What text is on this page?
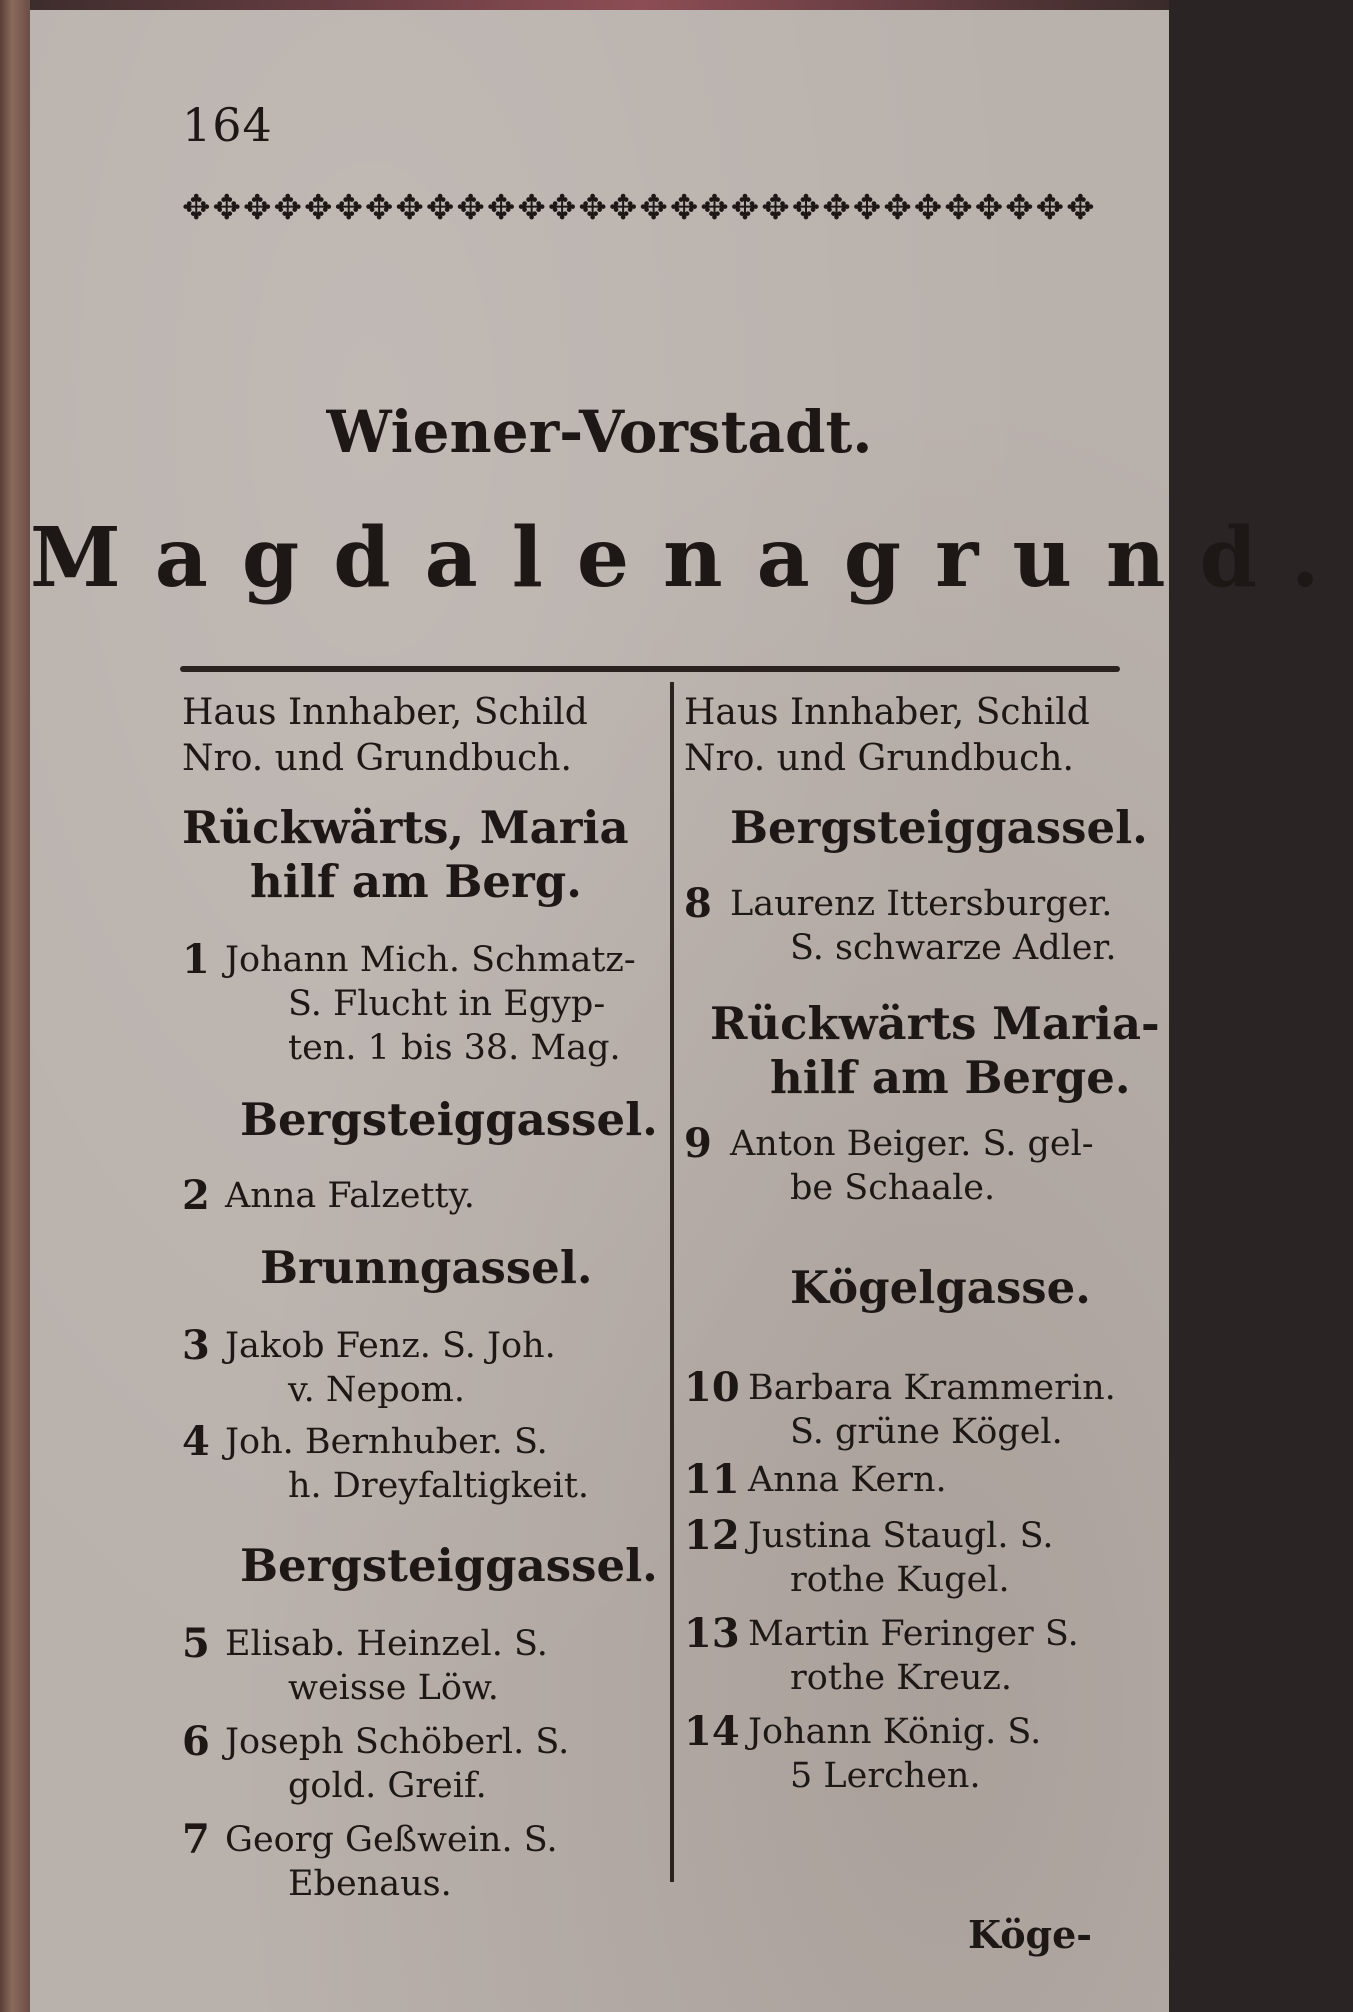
164
✥✥✥✥✥✥✥✥✥✥✥✥✥✥✥✥✥✥✥✥✥✥✥✥✥✥✥✥✥✥
Wiener-Vorstadt.
Magdalenagrund.
Haus Innhaber, Schild
Nro. und Grundbuch.
Haus Innhaber, Schild
Nro. und Grundbuch.
Rückwärts, Maria
hilf am Berg.
1 Johann Mich. Schmatz-
S. Flucht in Egyp-
ten. 1 bis 38. Mag.
Bergsteiggassel.
2 Anna Falzetty.
Brunngassel.
3 Jakob Fenz. S. Joh.
v. Nepom.
4 Joh. Bernhuber. S.
h. Dreyfaltigkeit.
Bergsteiggassel.
5 Elisab. Heinzel. S.
weisse Löw.
6 Joseph Schöberl. S.
gold. Greif.
7 Georg Geßwein. S.
Ebenaus.
Bergsteiggassel.
8 Laurenz Ittersburger.
S. schwarze Adler.
Rückwärts Maria-
hilf am Berge.
9 Anton Beiger. S. gel-
be Schaale.
Kögelgasse.
10 Barbara Krammerin.
S. grüne Kögel.
11 Anna Kern.
12 Justina Staugl. S.
rothe Kugel.
13 Martin Feringer S.
rothe Kreuz.
14 Johann König. S.
5 Lerchen.
Köge-
